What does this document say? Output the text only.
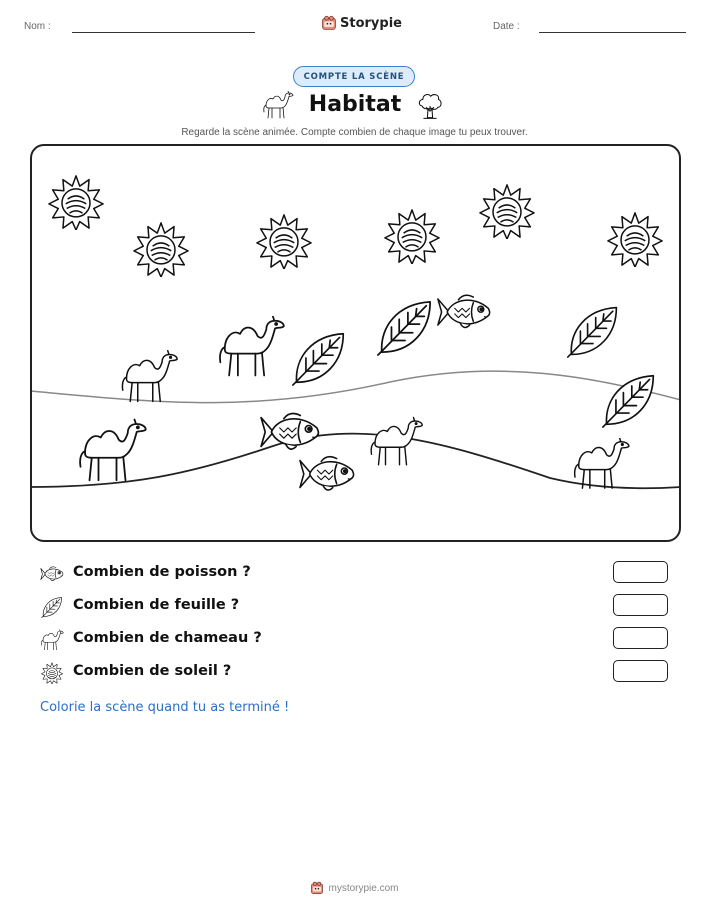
Nom :	Storypie	Date :
COMPTE LA SCÈNE
Habitat
Regarde la scène animée. Compte combien de chaque image tu peux trouver.
Combien de poisson ?
Combien de feuille ?
Combien de chameau ?
Combien de soleil ?
Colorie la scène quand tu as terminé !
mystorypie.com
